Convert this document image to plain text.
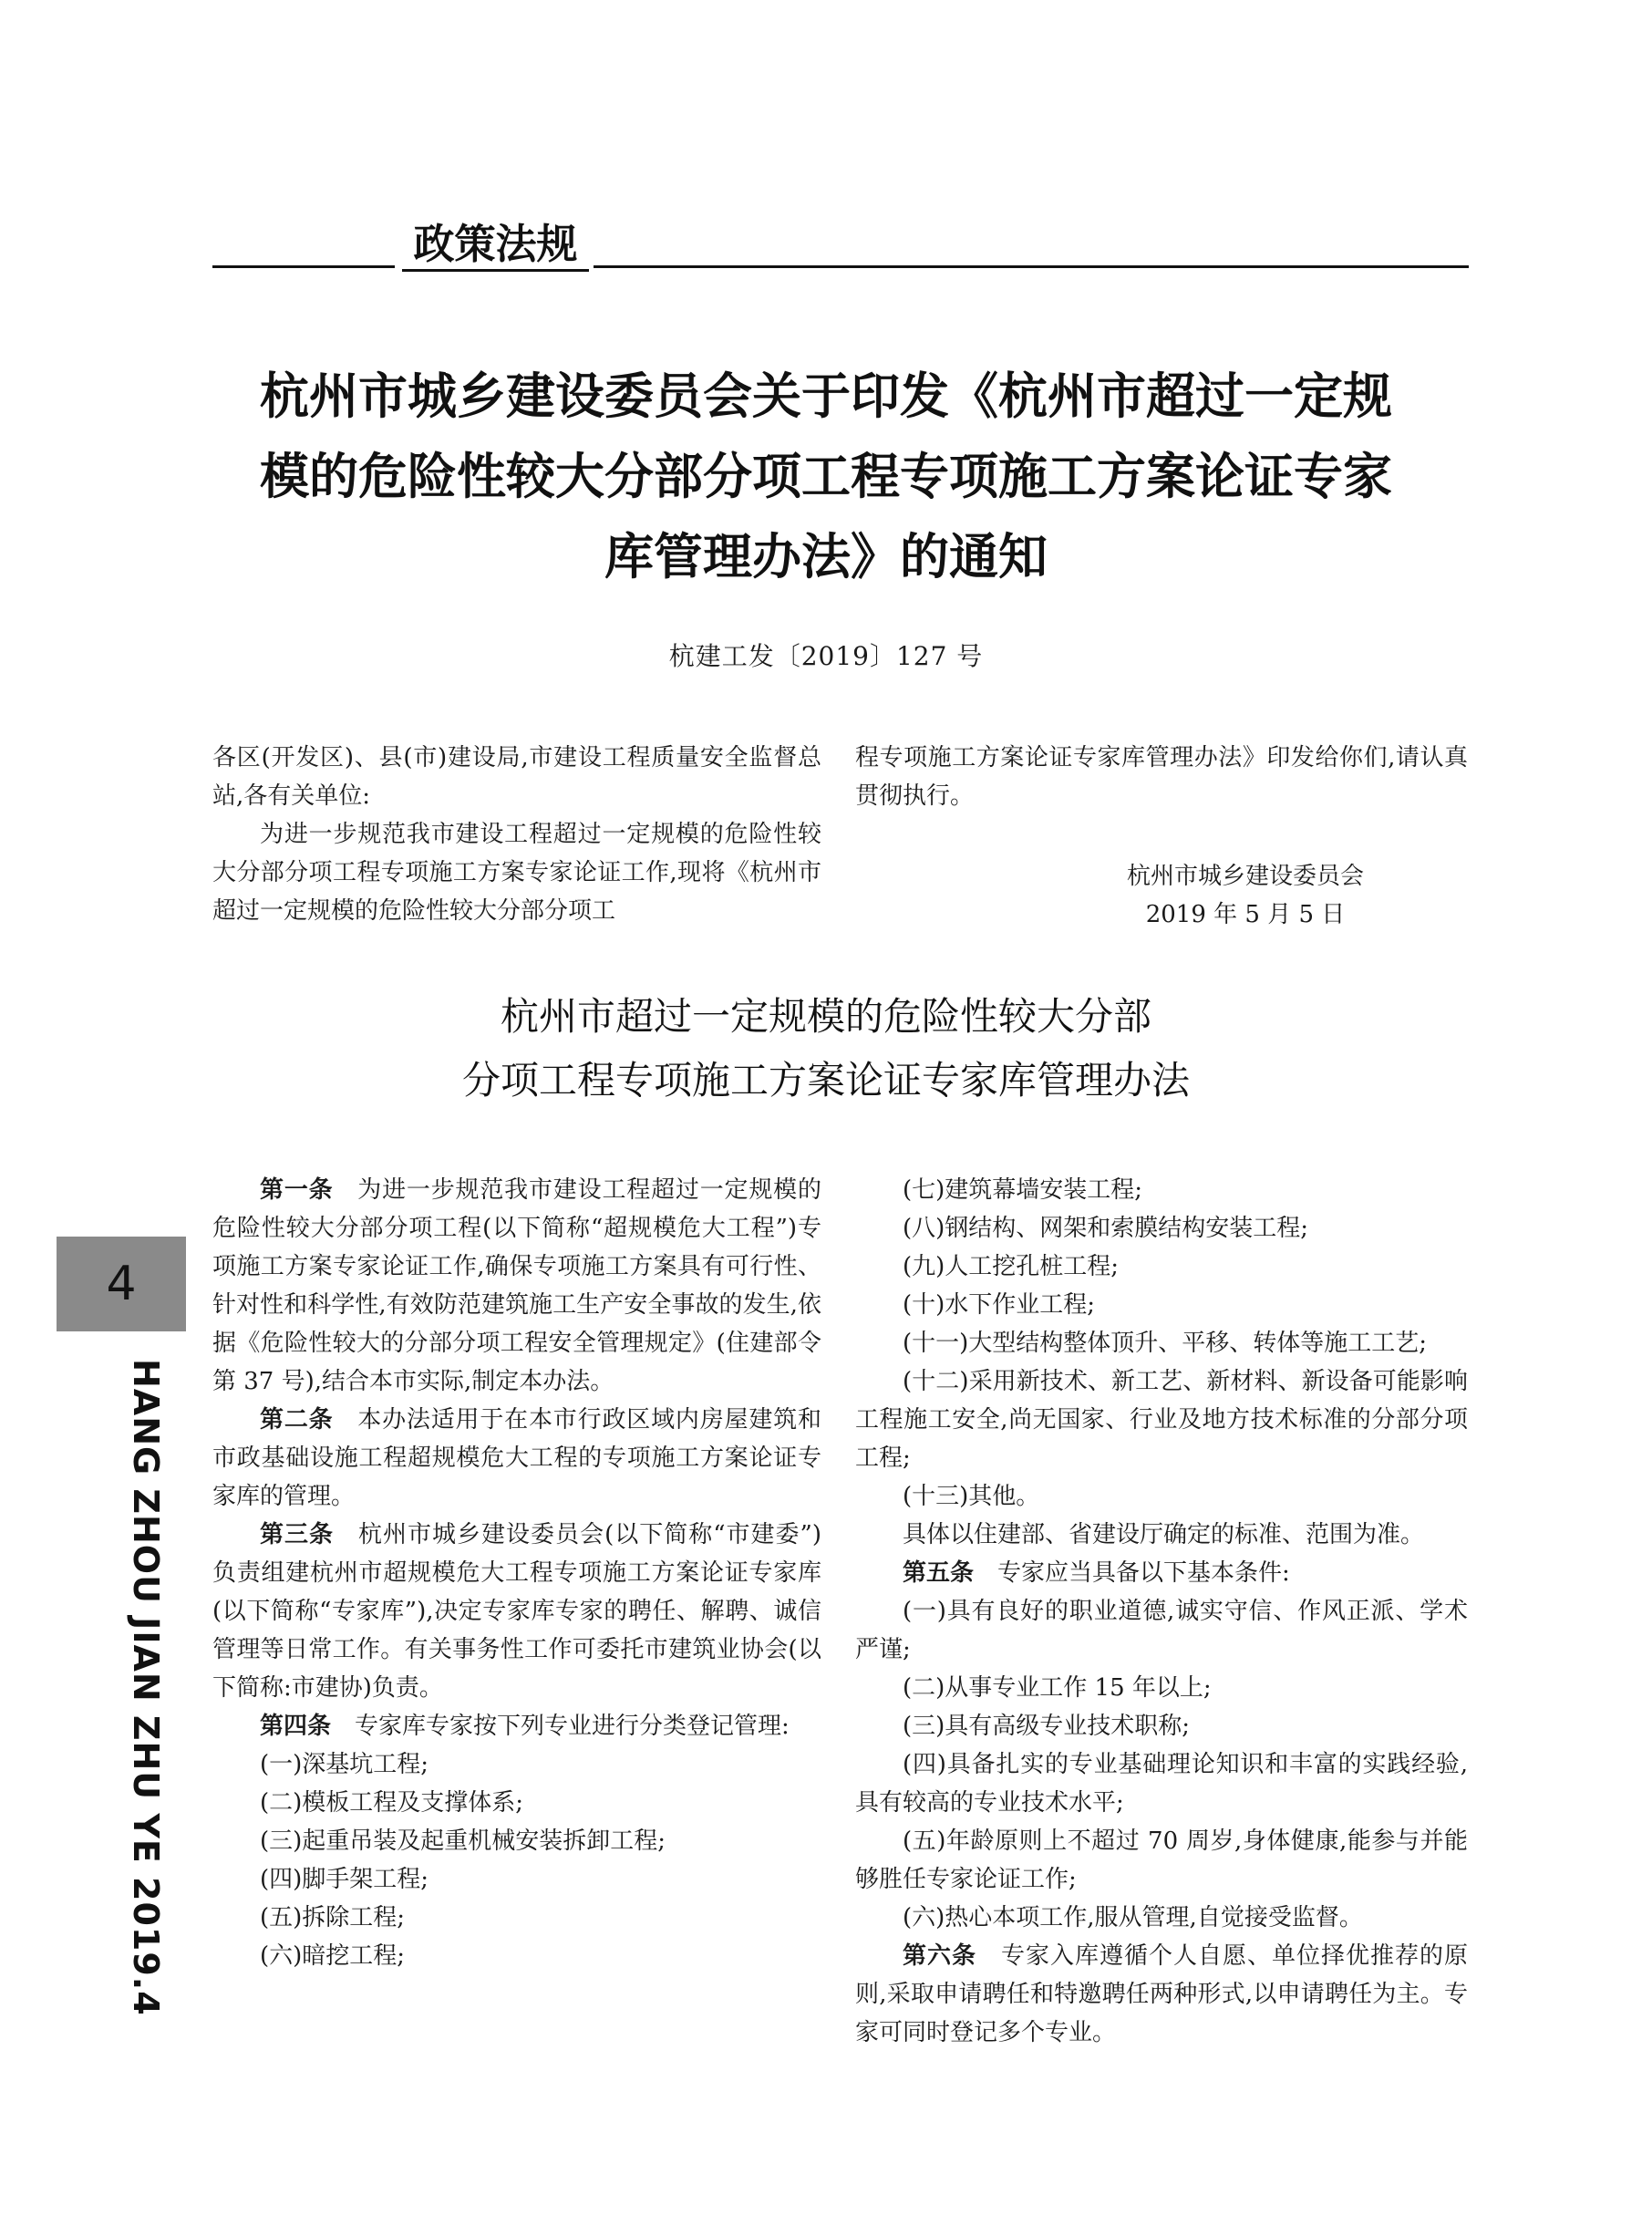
政策法规
杭州市城乡建设委员会关于印发《杭州市超过一定规
模的危险性较大分部分项工程专项施工方案论证专家
库管理办法》的通知
杭建工发〔2019〕127 号

各区(开发区)、县(市)建设局,市建设工程质量安全监督总站,各有关单位:

为进一步规范我市建设工程超过一定规模的危险性较大分部分项工程专项施工方案专家论证工作,现将《杭州市超过一定规模的危险性较大分部分项工

程专项施工方案论证专家库管理办法》印发给你们,请认真贯彻执行。

杭州市城乡建设委员会
2019 年 5 月 5 日
杭州市超过一定规模的危险性较大分部
分项工程专项施工方案论证专家库管理办法

第一条　 为进一步规范我市建设工程超过一定规模的危险性较大分部分项工程(以下简称“超规模危大工程”)专项施工方案专家论证工作,确保专项施工方案具有可行性、针对性和科学性,有效防范建筑施工生产安全事故的发生,依据《危险性较大的分部分项工程安全管理规定》(住建部令第 37 号),结合本市实际,制定本办法。

第二条　 本办法适用于在本市行政区域内房屋建筑和市政基础设施工程超规模危大工程的专项施工方案论证专家库的管理。

第三条　 杭州市城乡建设委员会(以下简称“市建委”)负责组建杭州市超规模危大工程专项施工方案论证专家库(以下简称“专家库”),决定专家库专家的聘任、解聘、诚信管理等日常工作。有关事务性工作可委托市建筑业协会(以下简称:市建协)负责。

第四条　 专家库专家按下列专业进行分类登记管理:

(一)深基坑工程;

(二)模板工程及支撑体系;

(三)起重吊装及起重机械安装拆卸工程;

(四)脚手架工程;

(五)拆除工程;

(六)暗挖工程;

(七)建筑幕墙安装工程;

(八)钢结构、网架和索膜结构安装工程;

(九)人工挖孔桩工程;

(十)水下作业工程;

(十一)大型结构整体顶升、平移、转体等施工工艺;

(十二)采用新技术、新工艺、新材料、新设备可能影响工程施工安全,尚无国家、行业及地方技术标准的分部分项工程;

(十三)其他。

具体以住建部、省建设厅确定的标准、范围为准。

第五条　 专家应当具备以下基本条件:

(一)具有良好的职业道德,诚实守信、作风正派、学术严谨;

(二)从事专业工作 15 年以上;

(三)具有高级专业技术职称;

(四)具备扎实的专业基础理论知识和丰富的实践经验,具有较高的专业技术水平;

(五)年龄原则上不超过 70 周岁,身体健康,能参与并能够胜任专家论证工作;

(六)热心本项工作,服从管理,自觉接受监督。

第六条　 专家入库遵循个人自愿、单位择优推荐的原则,采取申请聘任和特邀聘任两种形式,以申请聘任为主。专家可同时登记多个专业。

4
HANG ZHOU JIAN ZHU YE 2019.4
